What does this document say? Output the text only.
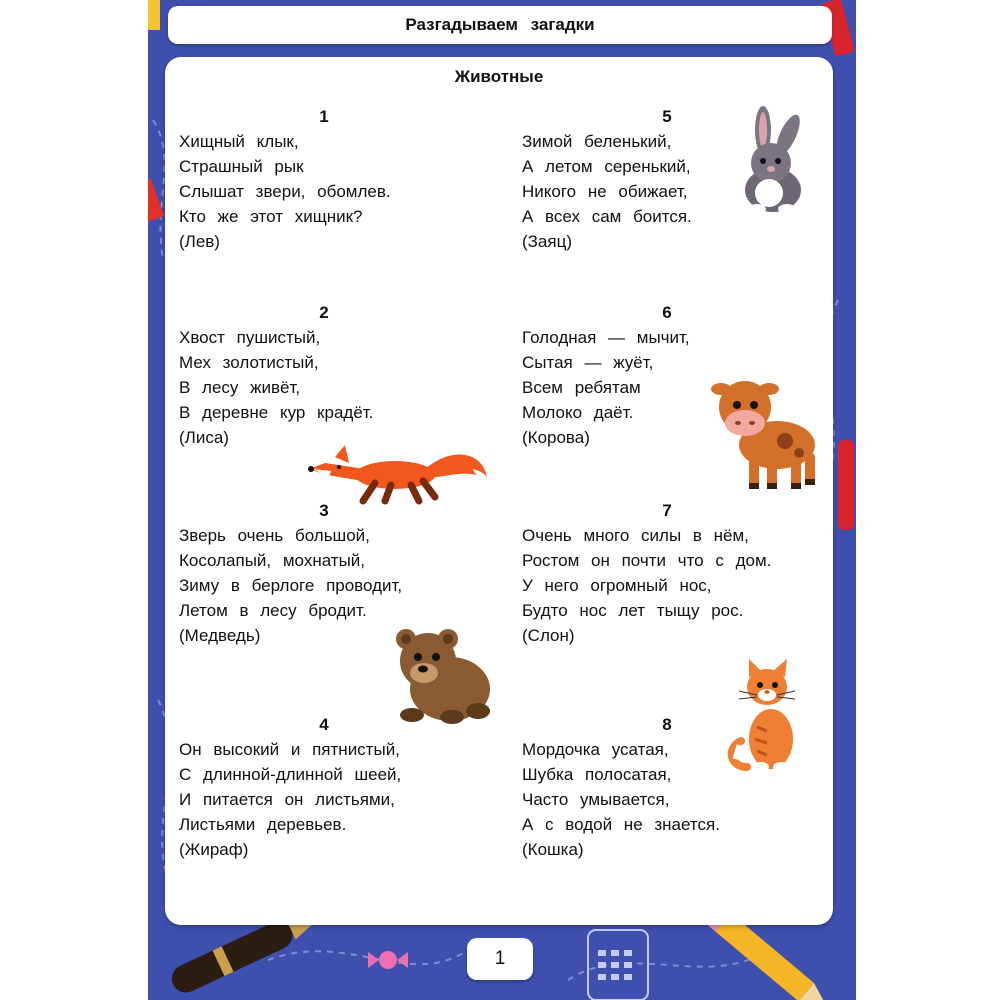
Разгадываем загадки
Животные
1
Хищный клык,
Страшный рык
Слышат звери, обомлев.
Кто же этот хищник?
(Лев)
2
Хвост пушистый,
Мех золотистый,
В лесу живёт,
В деревне кур крадёт.
(Лиса)
3
Зверь очень большой,
Косолапый, мохнатый,
Зиму в берлоге проводит,
Летом в лесу бродит.
(Медведь)
4
Он высокий и пятнистый,
С длинной-длинной шеей,
И питается он листьями,
Листьями деревьев.
(Жираф)
5
Зимой беленький,
А летом серенький,
Никого не обижает,
А всех сам боится.
(Заяц)
6
Голодная — мычит,
Сытая — жуёт,
Всем ребятам
Молоко даёт.
(Корова)
7
Очень много силы в нём,
Ростом он почти что с дом.
У него огромный нос,
Будто нос лет тыщу рос.
(Слон)
8
Мордочка усатая,
Шубка полосатая,
Часто умывается,
А с водой не знается.
(Кошка)
1
